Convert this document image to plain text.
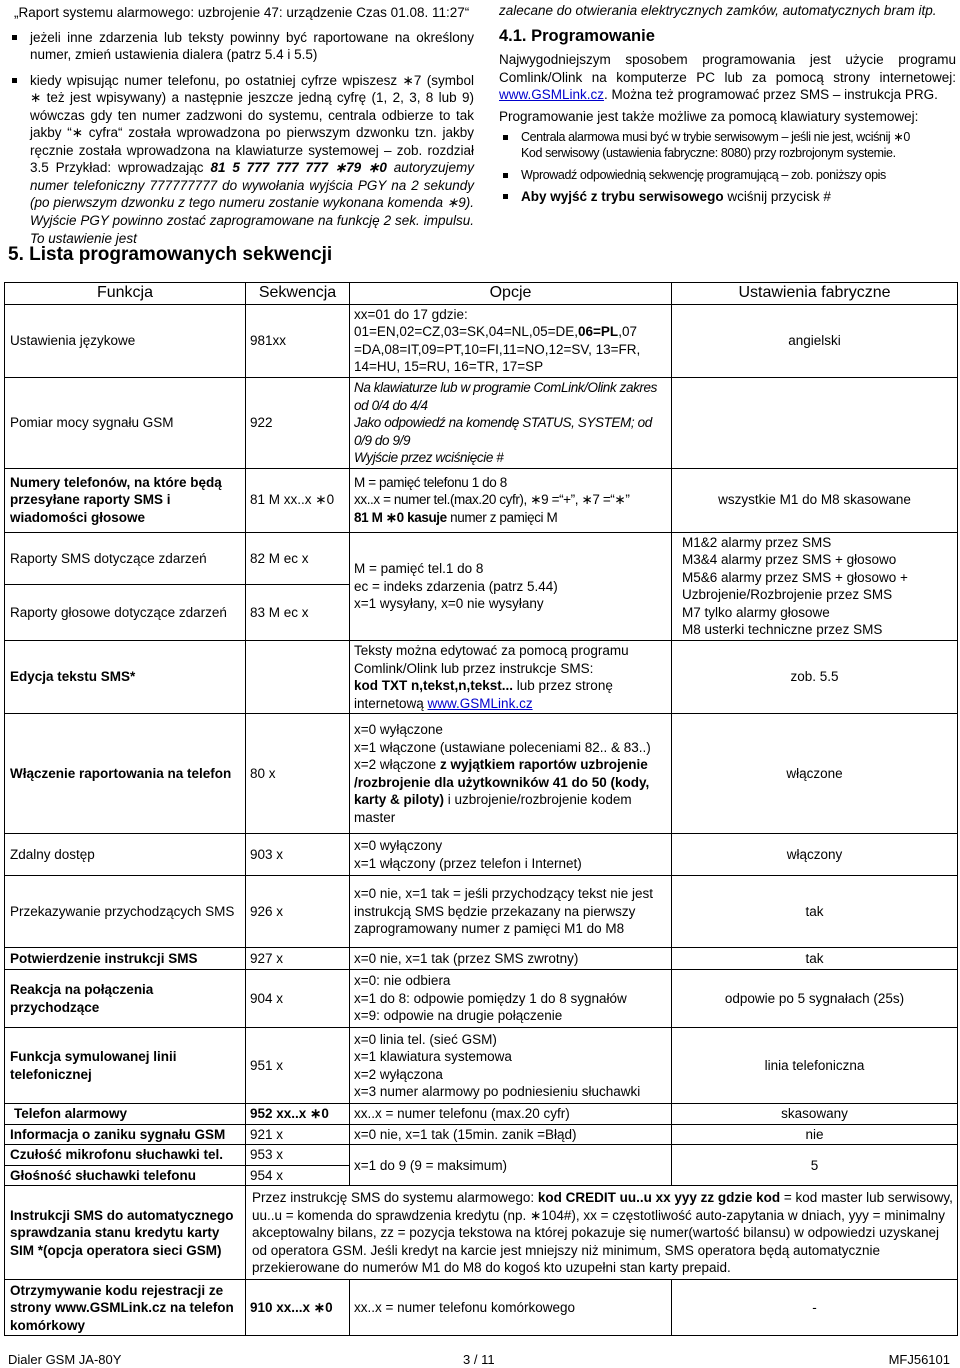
„Raport systemu alarmowego: uzbrojenie 47: urządzenie Czas 01.08. 11:27“

jeżeli inne zdarzenia lub teksty powinny być raportowane na określony numer, zmień ustawienia dialera (patrz 5.4 i 5.5)
kiedy wpisując numer telefonu, po ostatniej cyfrze wpiszesz ∗7 (symbol ∗ też jest wpisywany) a następnie jeszcze jedną cyfrę (1, 2, 3, 8 lub 9) wówczas gdy ten numer zadzwoni do systemu, centrala odbierze to tak jakby “∗ cyfra“ została wprowadzona po pierwszym dzwonku tzn. jakby ręcznie została wprowadzona na klawiaturze systemowej – zob. rozdział 3.5 Przykład: wprowadzając 81 5 777 777 777 ∗79 ∗0 autoryzujemy numer telefoniczny 777777777 do wywołania wyjścia PGY na 2 sekundy (po pierwszym dzwonku z tego numeru zostanie wykonana komenda ∗9). Wyjście PGY powinno zostać zaprogramowane na funkcję 2 sek. impulsu. To ustawienie jest
5. Lista programowanych sekwencji

zalecane do otwierania elektrycznych zamków, automatycznych bram itp.

4.1. Programowanie

Najwygodniejszym sposobem programowania jest użycie programu Comlink/Olink na komputerze PC lub za pomocą strony internetowej: www.GSMLink.cz. Można też programować przez SMS – instrukcja PRG.

Programowanie jest także możliwe za pomocą klawiatury systemowej:

Centrala alarmowa musi być w trybie serwisowym – jeśli nie jest, wciśnij ∗0
Kod serwisowy (ustawienia fabryczne: 8080) przy rozbrojonym systemie.
Wprowadź odpowiednią sekwencję programującą – zob. poniższy opis
Aby wyjść z trybu serwisowego wciśnij przycisk #
Funkcja	Sekwencja	Opcje	Ustawienia fabryczne
Ustawienia językowe	981xx	xx=01 do 17 gdzie:
01=EN,02=CZ,03=SK,04=NL,05=DE,06=PL,07 =DA,08=IT,09=PT,10=FI,11=NO,12=SV, 13=FR, 14=HU, 15=RU, 16=TR, 17=SP	angielski
Pomiar mocy sygnału GSM	922	Na klawiaturze lub w programie ComLink/Olink zakres od 0/4 do 4/4
Jako odpowiedź na komendę STATUS, SYSTEM; od 0/9 do 9/9
Wyjście przez wciśnięcie #	
Numery telefonów, na które będą przesyłane raporty SMS i wiadomości głosowe	81 M xx..x ∗0	M = pamięć telefonu 1 do 8
xx..x = numer tel.(max.20 cyfr), ∗9 =“+”, ∗7 =“∗”
81 M ∗0 kasuje numer z pamięci M	wszystkie M1 do M8 skasowane
Raporty SMS dotyczące zdarzeń	82 M ec x	M = pamięć tel.1 do 8
ec = indeks zdarzenia (patrz 5.44)
x=1 wysyłany, x=0 nie wysyłany	M1&2 alarmy przez SMS
M3&4 alarmy przez SMS + głosowo
M5&6 alarmy przez SMS + głosowo + Uzbrojenie/Rozbrojenie przez SMS
M7 tylko alarmy głosowe
M8 usterki techniczne przez SMS
Raporty głosowe dotyczące zdarzeń	83 M ec x		
Edycja tekstu SMS*		Teksty można edytować za pomocą programu Comlink/Olink lub przez instrukcje SMS:
kod TXT n,tekst,n,tekst... lub przez stronę internetową www.GSMLink.cz	zob. 5.5
Włączenie raportowania na telefon	80 x	x=0 wyłączone
x=1 włączone (ustawiane poleceniami 82.. & 83..)
x=2 włączone z wyjątkiem raportów uzbrojenie /rozbrojenie dla użytkowników 41 do 50 (kody, karty & piloty) i uzbrojenie/rozbrojenie kodem master	włączone
Zdalny dostęp	903 x	x=0 wyłączony
x=1 włączony (przez telefon i Internet)	włączony
Przekazywanie przychodzących SMS	926 x	x=0 nie, x=1 tak = jeśli przychodzący tekst nie jest instrukcją SMS będzie przekazany na pierwszy zaprogramowany numer z pamięci M1 do M8	tak
Potwierdzenie instrukcji SMS	927 x	x=0 nie, x=1 tak (przez SMS zwrotny)	tak
Reakcja na połączenia przychodzące	904 x	x=0: nie odbiera
x=1 do 8: odpowie pomiędzy 1 do 8 sygnałów
x=9: odpowie na drugie połączenie	odpowie po 5 sygnałach (25s)
Funkcja symulowanej linii telefonicznej	951 x	x=0 linia tel. (sieć GSM)
x=1 klawiatura systemowa
x=2 wyłączona
x=3 numer alarmowy po podniesieniu słuchawki	linia telefoniczna
Telefon alarmowy	952 xx..x ∗0	xx..x = numer telefonu (max.20 cyfr)	skasowany
Informacja o zaniku sygnału GSM	921 x	x=0 nie, x=1 tak (15min. zanik =Błąd)	nie
Czułość mikrofonu słuchawki tel.	953 x	x=1 do 9 (9 = maksimum)	5
Głośność słuchawki telefonu	954 x		
Instrukcji SMS do automatycznego sprawdzania stanu kredytu karty SIM *(opcja operatora sieci GSM)	Przez instrukcję SMS do systemu alarmowego: kod CREDIT uu..u xx yyy zz gdzie kod = kod master lub serwisowy, uu..u = komenda do sprawdzenia kredytu (np. ∗104#), xx = częstotliwość auto-zapytania w dniach, yyy = minimalny akceptowalny bilans, zz = pozycja tekstowa na której pokazuje się numer(wartość bilansu) w odpowiedzi uzyskanej od operatora GSM. Jeśli kredyt na karcie jest mniejszy niż minimum, SMS operatora będą automatycznie przekierowane do numerów M1 do M8 do kogoś kto uzupełni stan karty prepaid.		
Otrzymywanie kodu rejestracji ze strony www.GSMLink.cz na telefon komórkowy	910 xx...x ∗0	xx..x = numer telefonu komórkowego	-
Dialer GSM JA-80Y	3 / 11	MFJ56101
